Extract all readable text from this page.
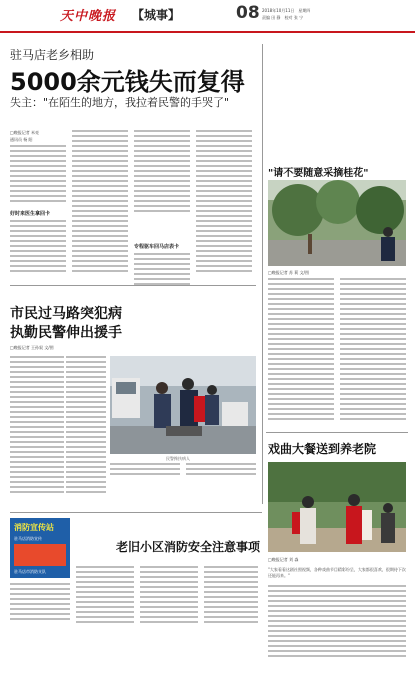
天中晚报 【城事】	08 2018年10月11日　星期四
责编 田 静　校对 张 宁
驻马店老乡相助
5000余元钱失而复得
失主："在陌生的地方，我拉着民警的手哭了"
□晚报记者 米亮
通讯员 杨 阳
好时来医生拿回卡
专程驱车回马店表卡
市民过马路突犯病
执勤民警伸出援手
□晚报记者 王孙叙 文/图
民警搀扶病人
"请不要随意采摘桂花"
□晚报记者 苏 莉 文/图
戏曲大餐送到养老院
□晚报记者 刘 淼
"大家看看这剧社照视频，各种戏曲节目精彩纷呈，大家都很喜欢，很期待下次还能再来。"
消防宣传站
驻马店消防宣传
驻马店市消防支队
老旧小区消防安全注意事项
